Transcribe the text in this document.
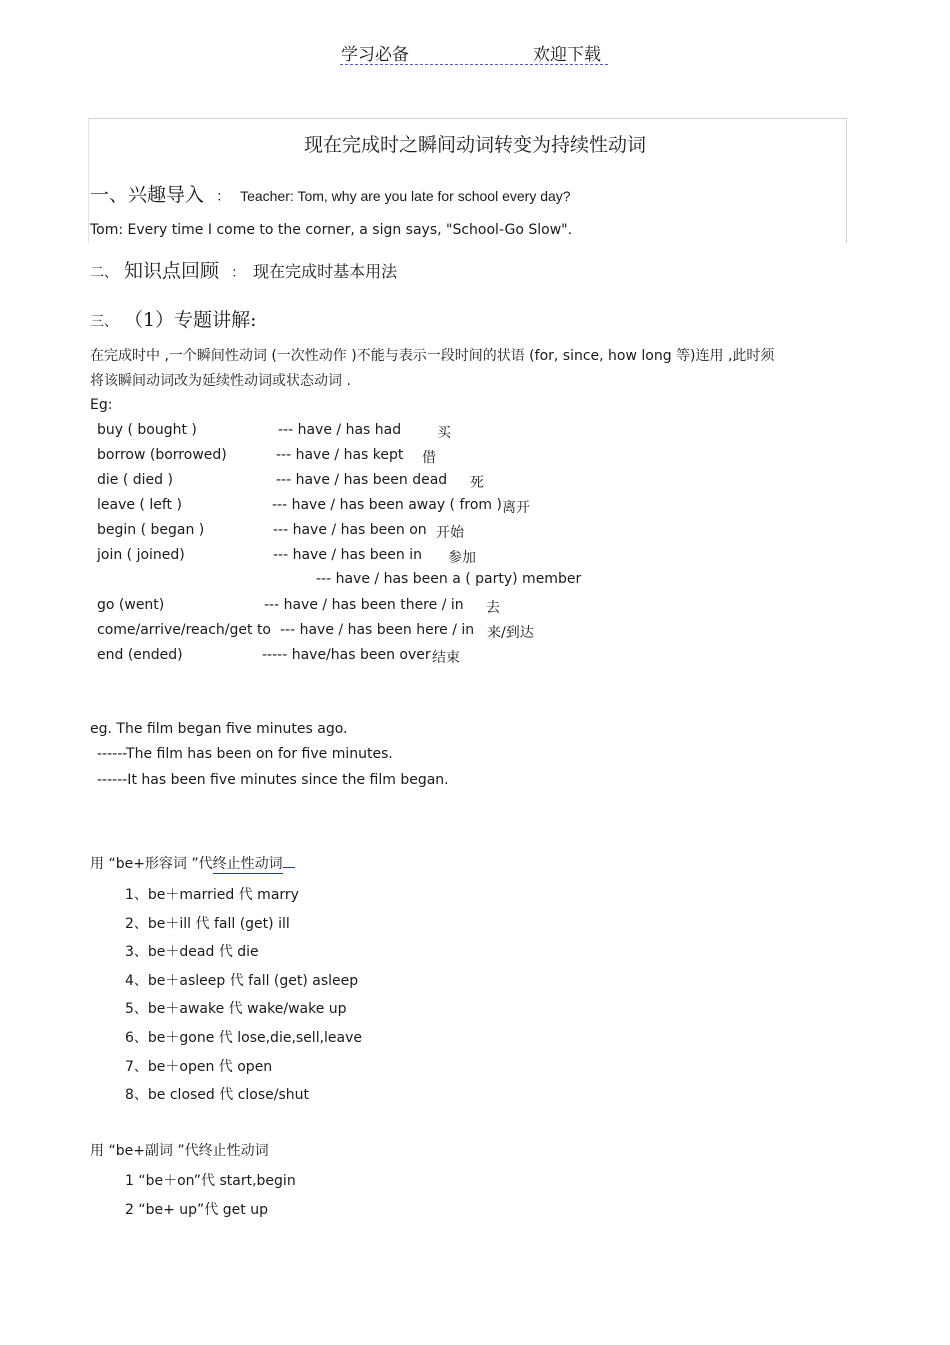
学习必备	欢迎下载
现在完成时之瞬间动词转变为持续性动词
一、兴趣导入 ： Teacher: Tom, why are you late for school every day?
Tom: Every time I come to the corner, a sign says, "School-Go Slow".
二、 知识点回顾 ： 现在完成时基本用法
三、 （1）专题讲解:
在完成时中 ,一个瞬间性动词 (一次性动作 )不能与表示一段时间的状语 (for, since, how long 等)连用 ,此时须
将该瞬间动词改为延续性动词或状态动词 .
Eg:
buy ( bought )	--- have / has had	买
borrow (borrowed)	--- have / has kept 借
die ( died )	--- have / has been dead 死
leave ( left )	--- have / has been away ( from ) 离开
begin ( began )	--- have / has been on 开始
join ( joined)	--- have / has been in 参加
--- have / has been a ( party) member
go (went)	--- have / has been there / in 去
come/arrive/reach/get to --- have / has been here / in 来/到达
end (ended)	----- have/has been over 结束
eg. The film began five minutes ago.
------The film has been on for five minutes.
------It has been five minutes since the film began.
用 “be+形容词 ”代终止性动词
1、be＋married 代 marry
2、be＋ill 代 fall (get) ill
3、be＋dead 代 die
4、be＋asleep 代 fall (get) asleep
5、be＋awake 代 wake/wake up
6、be＋gone 代 lose,die,sell,leave
7、be＋open 代 open
8、be closed 代 close/shut
用 “be+副词 ”代终止性动词
1 “be＋on”代 start,begin
2 “be+ up”代 get up
